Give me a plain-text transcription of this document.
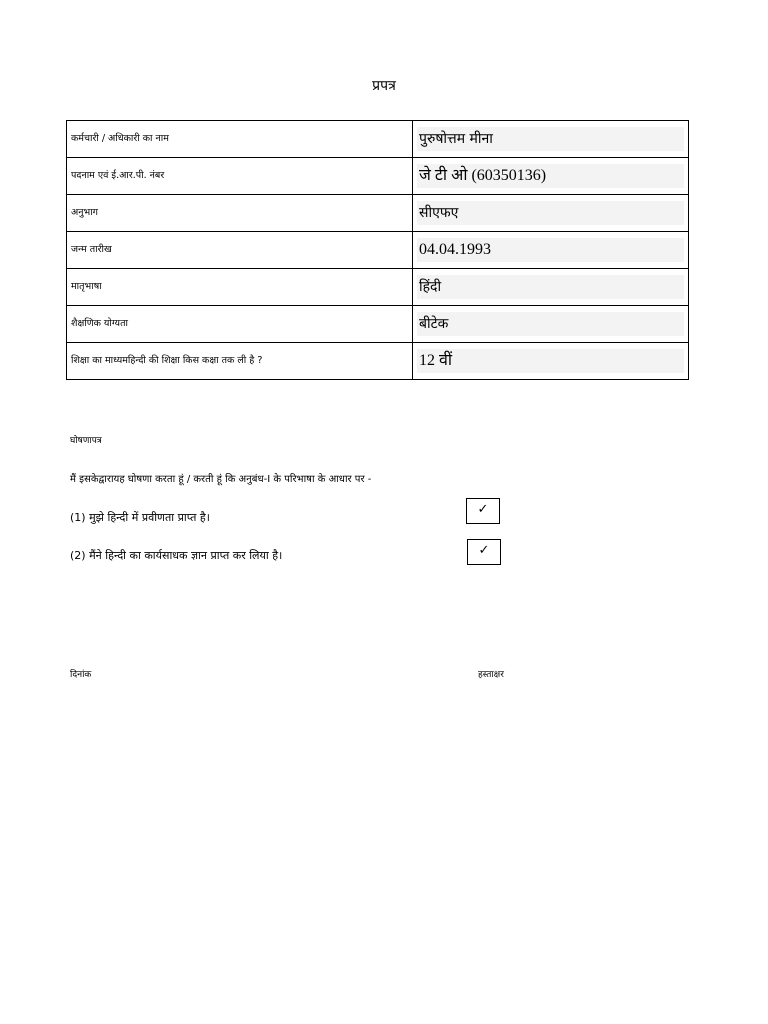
प्रपत्र
कर्मचारी / अधिकारी का नाम	पुरुषोत्तम मीना

पदनाम एवं ई.आर.पी. नंबर	जे टी ओ (60350136)

अनुभाग	सीएफए

जन्म तारीख	04.04.1993

मातृभाषा	हिंदी

शैक्षणिक योग्यता	बीटेक

शिक्षा का माध्यमहिन्दी की शिक्षा किस कक्षा तक ली है ?	12 वीं
घोषणापत्र
मैं इसकेद्वारायह घोषणा करता हूं / करती हूं कि अनुबंध-I के परिभाषा के आधार पर -
(1) मुझे हिन्दी में प्रवीणता प्राप्त है।
✓
(2) मैंने हिन्दी का कार्यसाधक ज्ञान प्राप्त कर लिया है।	✓
दिनांक	हस्ताक्षर
